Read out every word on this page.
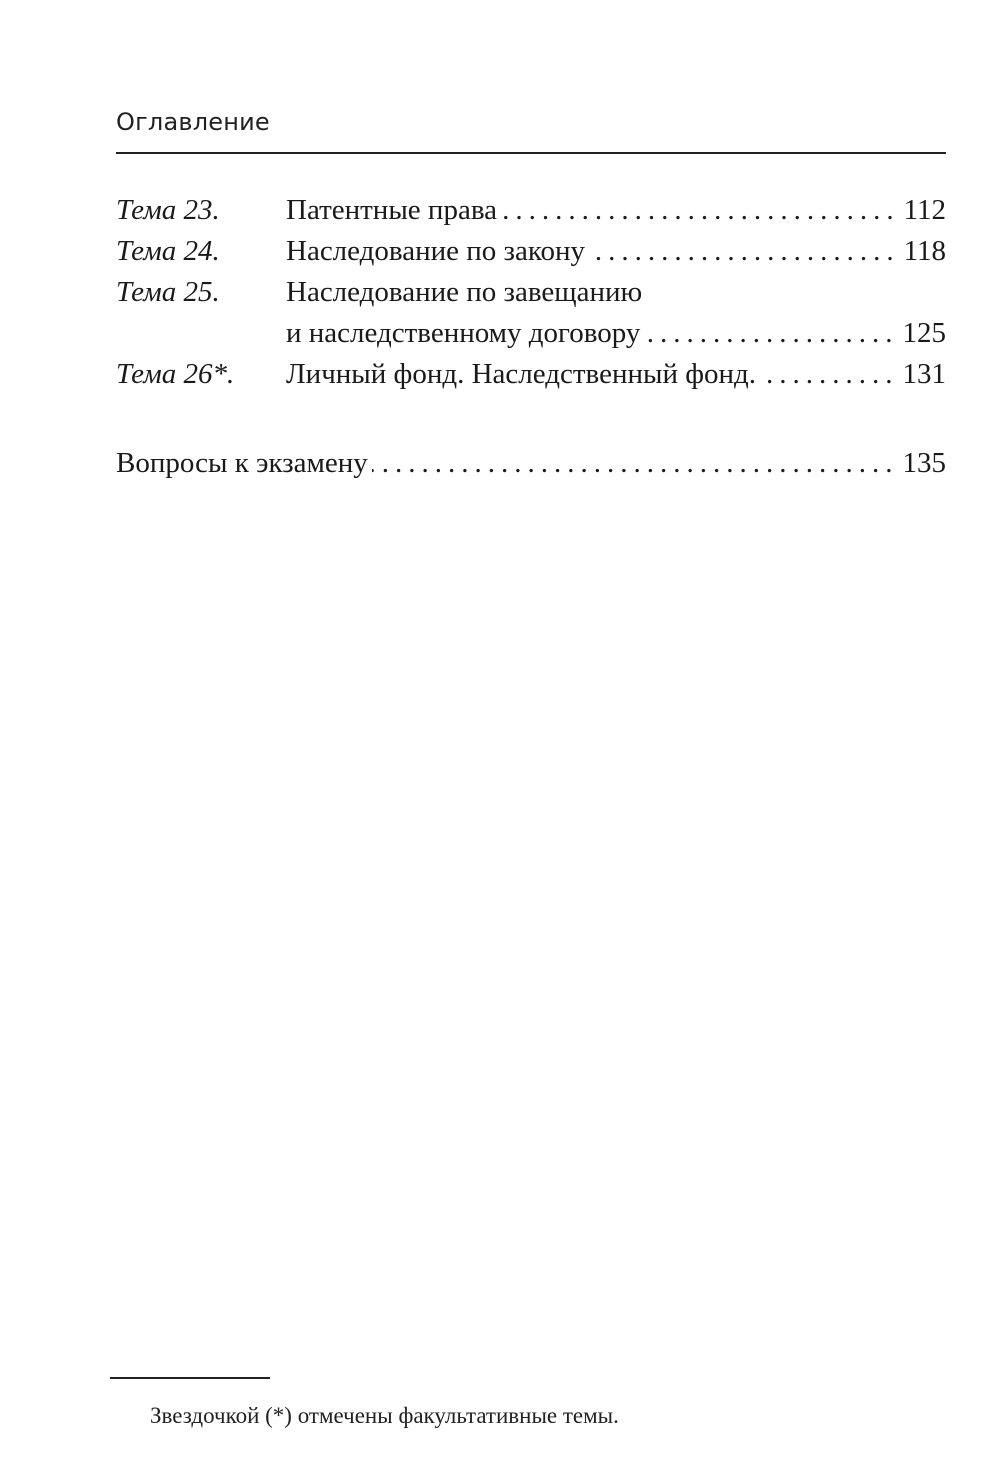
Оглавление
Тема 23.	Патентные права .....	112
Тема 24.	Наследование по закону .....	118
Тема 25.	Наследование по завещанию
и наследственному договору .....	125
Тема 26*.	Личный фонд. Наследственный фонд. .....	131
Вопросы к экзамену .....	135
Звездочкой (*) отмечены факультативные темы.
